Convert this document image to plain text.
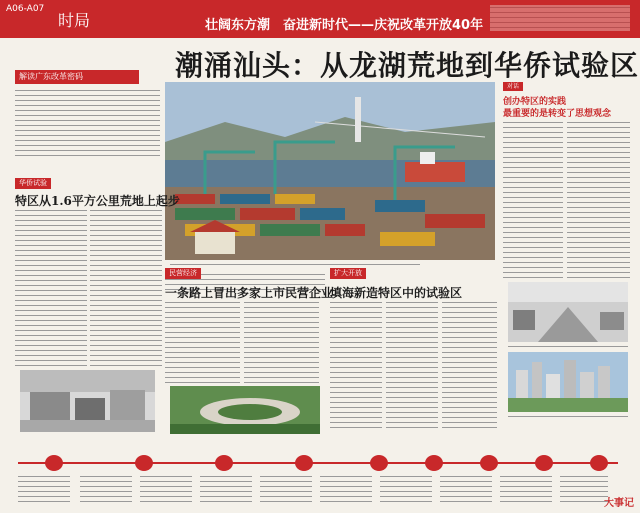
A06-A07
时局	壮阔东方潮　奋进新时代——庆祝改革开放40年
潮涌汕头：从龙湖荒地到华侨试验区
解读广东改革密码
华侨试验
特区从1.6平方公里荒地上起步
民营经济
一条路上冒出多家上市民营企业
扩大开放
填海新造特区中的试验区
对话
创办特区的实践
最重要的是转变了思想观念
大事记
